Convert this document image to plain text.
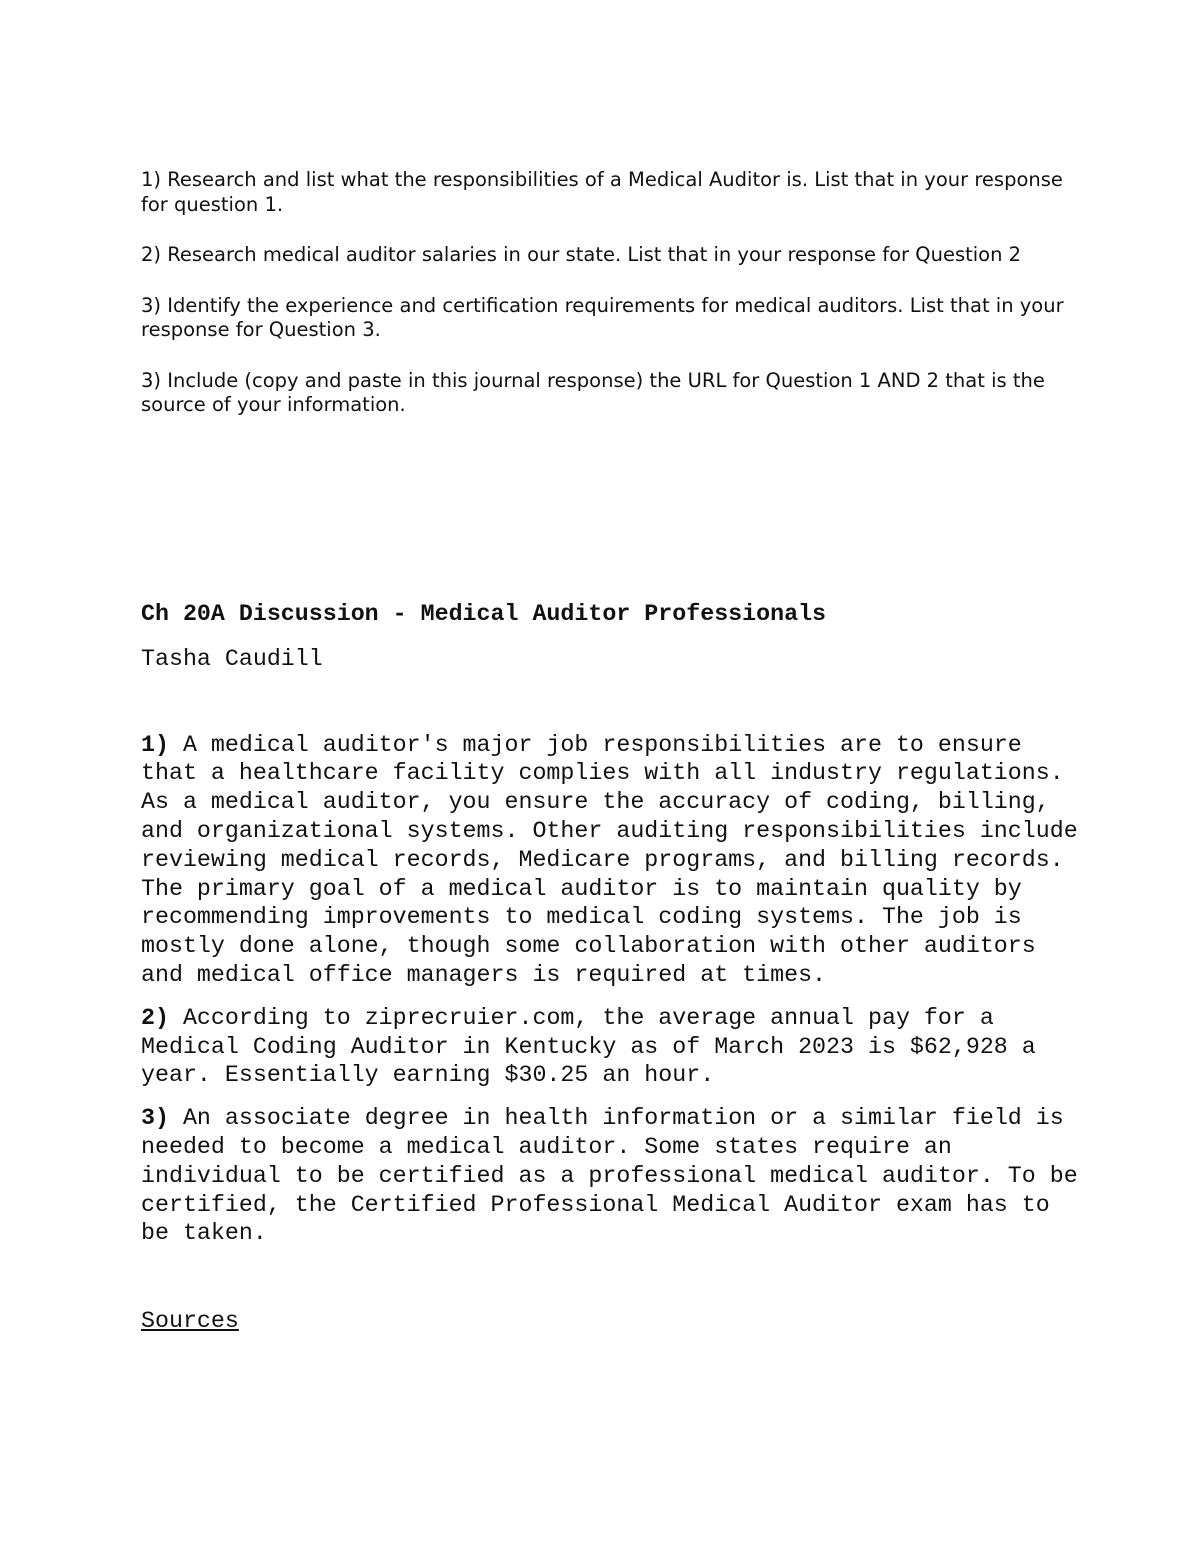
1) Research and list what the responsibilities of a Medical Auditor is. List that in your response for question 1.

2) Research medical auditor salaries in our state. List that in your response for Question 2

3) Identify the experience and certification requirements for medical auditors. List that in your response for Question 3.

3) Include (copy and paste in this journal response) the URL for Question 1 AND 2 that is the source of your information.

Ch 20A Discussion - Medical Auditor Professionals

Tasha Caudill

1) A medical auditor's major job responsibilities are to ensure that a healthcare facility complies with all industry regulations. As a medical auditor, you ensure the accuracy of coding, billing, and organizational systems. Other auditing responsibilities include reviewing medical records, Medicare programs, and billing records. The primary goal of a medical auditor is to maintain quality by recommending improvements to medical coding systems. The job is mostly done alone, though some collaboration with other auditors and medical office managers is required at times.

2) According to ziprecruier.com, the average annual pay for a Medical Coding Auditor in Kentucky as of March 2023 is $62,928 a year. Essentially earning $30.25 an hour.

3) An associate degree in health information or a similar field is needed to become a medical auditor. Some states require an individual to be certified as a professional medical auditor. To be certified, the Certified Professional Medical Auditor exam has to be taken.

Sources
